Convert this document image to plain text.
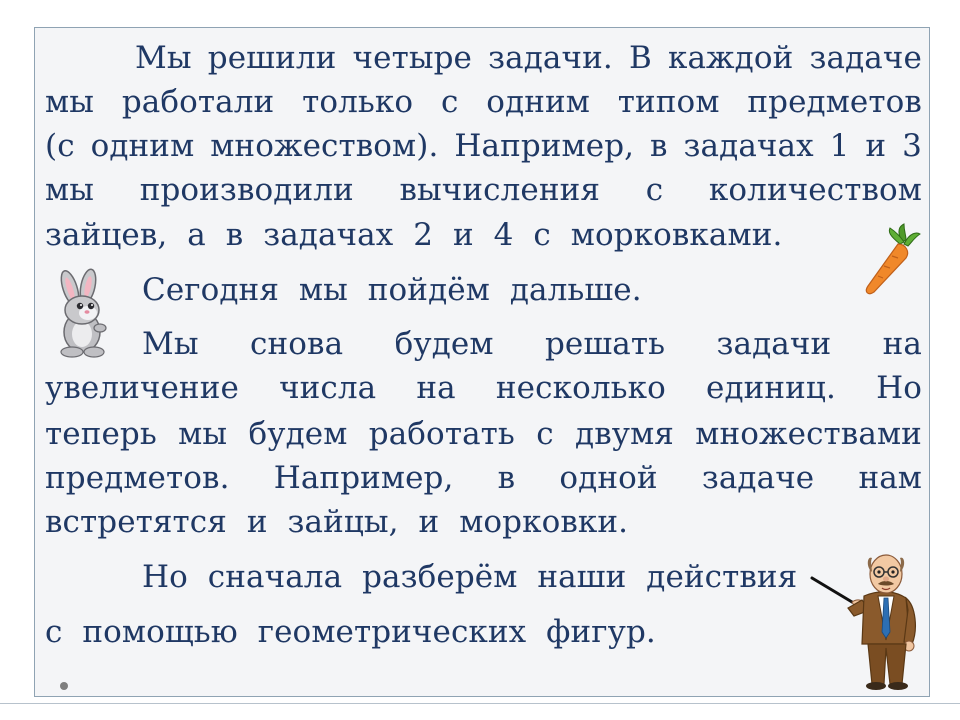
Мы решили четыре задачи. В каждой задаче
мы работали только с одним типом предметов
(с одним множеством). Например, в задачах 1 и 3
мы производили вычисления с количеством
зайцев,  а  в  задачах  2  и  4  с  морковками.
Сегодня  мы  пойдём  дальше.
Мы снова будем решать задачи на
увеличение числа на несколько единиц. Но
теперь мы будем работать с двумя множествами
предметов. Например, в одной задаче нам
встретятся  и  зайцы,  и  морковки.
Но  сначала  разберём  наши  действия
с  помощью  геометрических  фигур.
